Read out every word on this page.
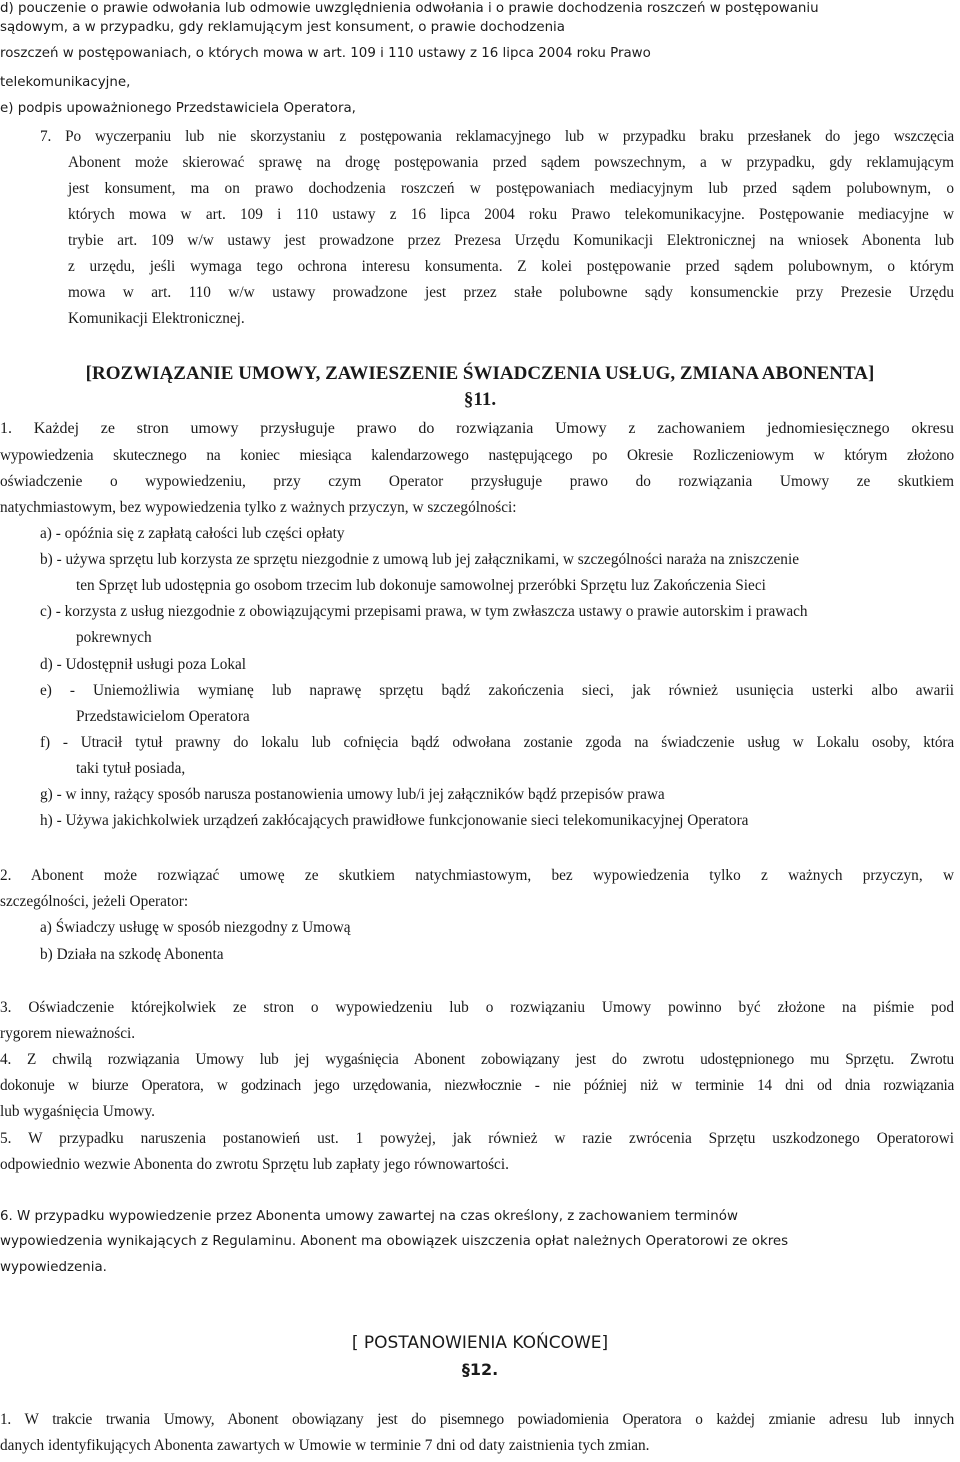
d) pouczenie o prawie odwołania lub odmowie uwzględnienia odwołania i o prawie dochodzenia roszczeń w postępowaniu
sądowym, a w przypadku, gdy reklamującym jest konsument, o prawie dochodzenia
roszczeń w postępowaniach, o których mowa w art. 109 i 110 ustawy z 16 lipca 2004 roku Prawo
telekomunikacyjne,
e) podpis upoważnionego Przedstawiciela Operatora,
7. Po wyczerpaniu lub nie skorzystaniu z postępowania reklamacyjnego lub w przypadku braku przesłanek do jego wszczęcia
Abonent może skierować sprawę na drogę postępowania przed sądem powszechnym, a w przypadku, gdy reklamującym
jest konsument, ma on prawo dochodzenia roszczeń w postępowaniach mediacyjnym lub przed sądem polubownym, o
których mowa w art. 109 i 110 ustawy z 16 lipca 2004 roku Prawo telekomunikacyjne. Postępowanie mediacyjne w
trybie art. 109 w/w ustawy jest prowadzone przez Prezesa Urzędu Komunikacji Elektronicznej na wniosek Abonenta lub
z urzędu, jeśli wymaga tego ochrona interesu konsumenta. Z kolei postępowanie przed sądem polubownym, o którym
mowa w art. 110 w/w ustawy prowadzone jest przez stałe polubowne sądy konsumenckie przy Prezesie Urzędu
Komunikacji Elektronicznej.
[ROZWIĄZANIE UMOWY, ZAWIESZENIE ŚWIADCZENIA USŁUG, ZMIANA ABONENTA]
§11.
1. Każdej ze stron umowy przysługuje prawo do rozwiązania Umowy z zachowaniem jednomiesięcznego okresu
wypowiedzenia skutecznego na koniec miesiąca kalendarzowego następującego po Okresie Rozliczeniowym w którym złożono
oświadczenie o wypowiedzeniu, przy czym Operator przysługuje prawo do rozwiązania Umowy ze skutkiem
natychmiastowym, bez wypowiedzenia tylko z ważnych przyczyn, w szczególności:
a) - opóźnia się z zapłatą całości lub części opłaty
b) - używa sprzętu lub korzysta ze sprzętu niezgodnie z umową lub jej załącznikami, w szczególności naraża na zniszczenie
ten Sprzęt lub udostępnia go osobom trzecim lub dokonuje samowolnej przeróbki Sprzętu luz Zakończenia Sieci
c) - korzysta z usług niezgodnie z obowiązującymi przepisami prawa, w tym zwłaszcza ustawy o prawie autorskim i prawach
pokrewnych
d) - Udostępnił usługi poza Lokal
e) - Uniemożliwia wymianę lub naprawę sprzętu bądź zakończenia sieci, jak również usunięcia usterki albo awarii
Przedstawicielom Operatora
f) - Utracił tytuł prawny do lokalu lub cofnięcia bądź odwołana zostanie zgoda na świadczenie usług w Lokalu osoby, która
taki tytuł posiada,
g) - w inny, rażący sposób narusza postanowienia umowy lub/i jej załączników bądź przepisów prawa
h) - Używa jakichkolwiek urządzeń zakłócających prawidłowe funkcjonowanie sieci telekomunikacyjnej Operatora
2. Abonent może rozwiązać umowę ze skutkiem natychmiastowym, bez wypowiedzenia tylko z ważnych przyczyn, w
szczególności, jeżeli Operator:
a) Świadczy usługę w sposób niezgodny z Umową
b) Działa na szkodę Abonenta
3. Oświadczenie którejkolwiek ze stron o wypowiedzeniu lub o rozwiązaniu Umowy powinno być złożone na piśmie pod
rygorem nieważności.
4. Z chwilą rozwiązania Umowy lub jej wygaśnięcia Abonent zobowiązany jest do zwrotu udostępnionego mu Sprzętu. Zwrotu
dokonuje w biurze Operatora, w godzinach jego urzędowania, niezwłocznie - nie później niż w terminie 14 dni od dnia rozwiązania
lub wygaśnięcia Umowy.
5. W przypadku naruszenia postanowień ust. 1 powyżej, jak również w razie zwrócenia Sprzętu uszkodzonego Operatorowi
odpowiednio wezwie Abonenta do zwrotu Sprzętu lub zapłaty jego równowartości.
6. W przypadku wypowiedzenie przez Abonenta umowy zawartej na czas określony, z zachowaniem terminów
wypowiedzenia wynikających z Regulaminu. Abonent ma obowiązek uiszczenia opłat należnych Operatorowi ze okres
wypowiedzenia.
[ POSTANOWIENIA KOŃCOWE]
§12.
1. W trakcie trwania Umowy, Abonent obowiązany jest do pisemnego powiadomienia Operatora o każdej zmianie adresu lub innych
danych identyfikujących Abonenta zawartych w Umowie w terminie 7 dni od daty zaistnienia tych zmian.
